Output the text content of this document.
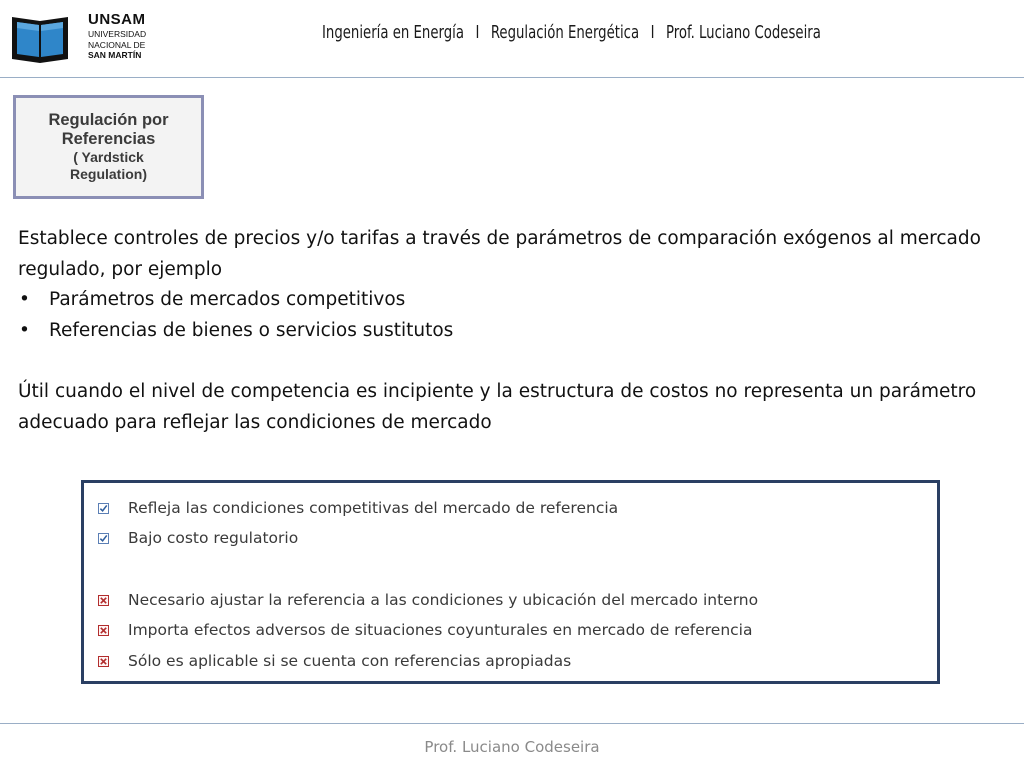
UNSAM
UNIVERSIDAD
NACIONAL DE
SAN MARTÍN
Ingeniería en Energía I Regulación Energética I Prof. Luciano Codeseira
Regulación por
Referencias
( Yardstick
Regulation)

Establece controles de precios y/o tarifas a través de parámetros de comparación exógenos al mercado regulado, por ejemplo

• Parámetros de mercados competitivos
• Referencias de bienes o servicios sustitutos

Útil cuando el nivel de competencia es incipiente y la estructura de costos no representa un parámetro adecuado para reflejar las condiciones de mercado

Refleja las condiciones competitivas del mercado de referencia
Bajo costo regulatorio
Necesario ajustar la referencia a las condiciones y ubicación del mercado interno
Importa efectos adversos de situaciones coyunturales en mercado de referencia
Sólo es aplicable si se cuenta con referencias apropiadas
Prof. Luciano Codeseira
